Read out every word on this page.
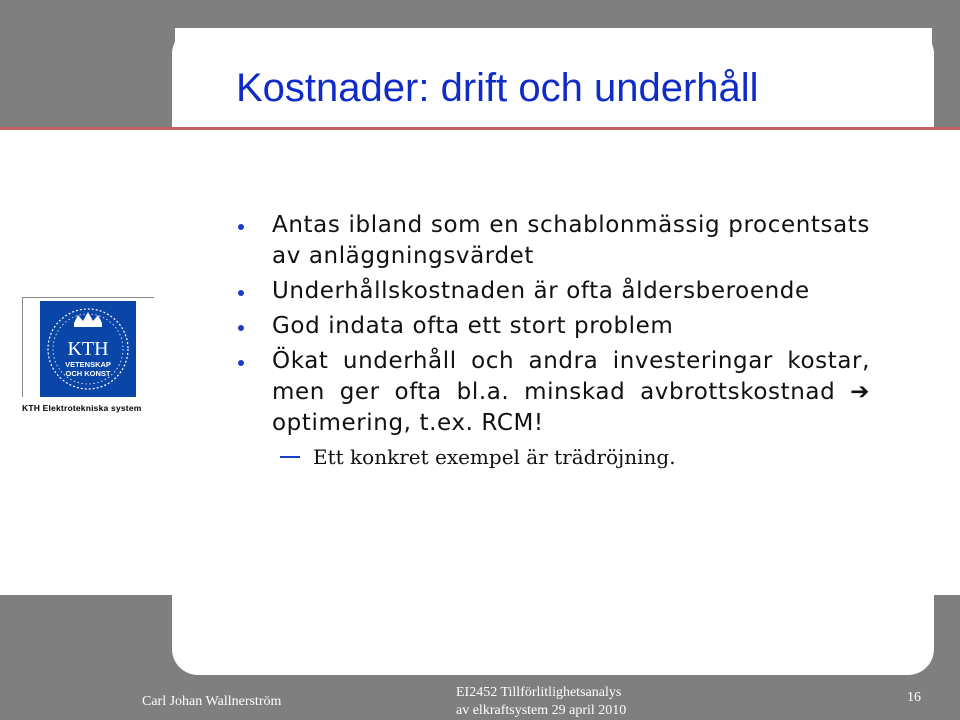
Kostnader: drift och underhåll
KTH
VETENSKAP
OCH KONST
KTH Elektrotekniska system
Antas ibland som en schablonmässig procentsats av anläggningsvärdet
Underhållskostnaden är ofta åldersberoende
God indata ofta ett stort problem
Ökat underhåll och andra investeringar kostar, men ger ofta bl.a. minskad avbrottskostnad ➔ optimering, t.ex. RCM!
Ett konkret exempel är trädröjning.
Carl Johan Wallnerström
EI2452 Tillförlitlighetsanalys
av elkraftsystem 29 april 2010
16
